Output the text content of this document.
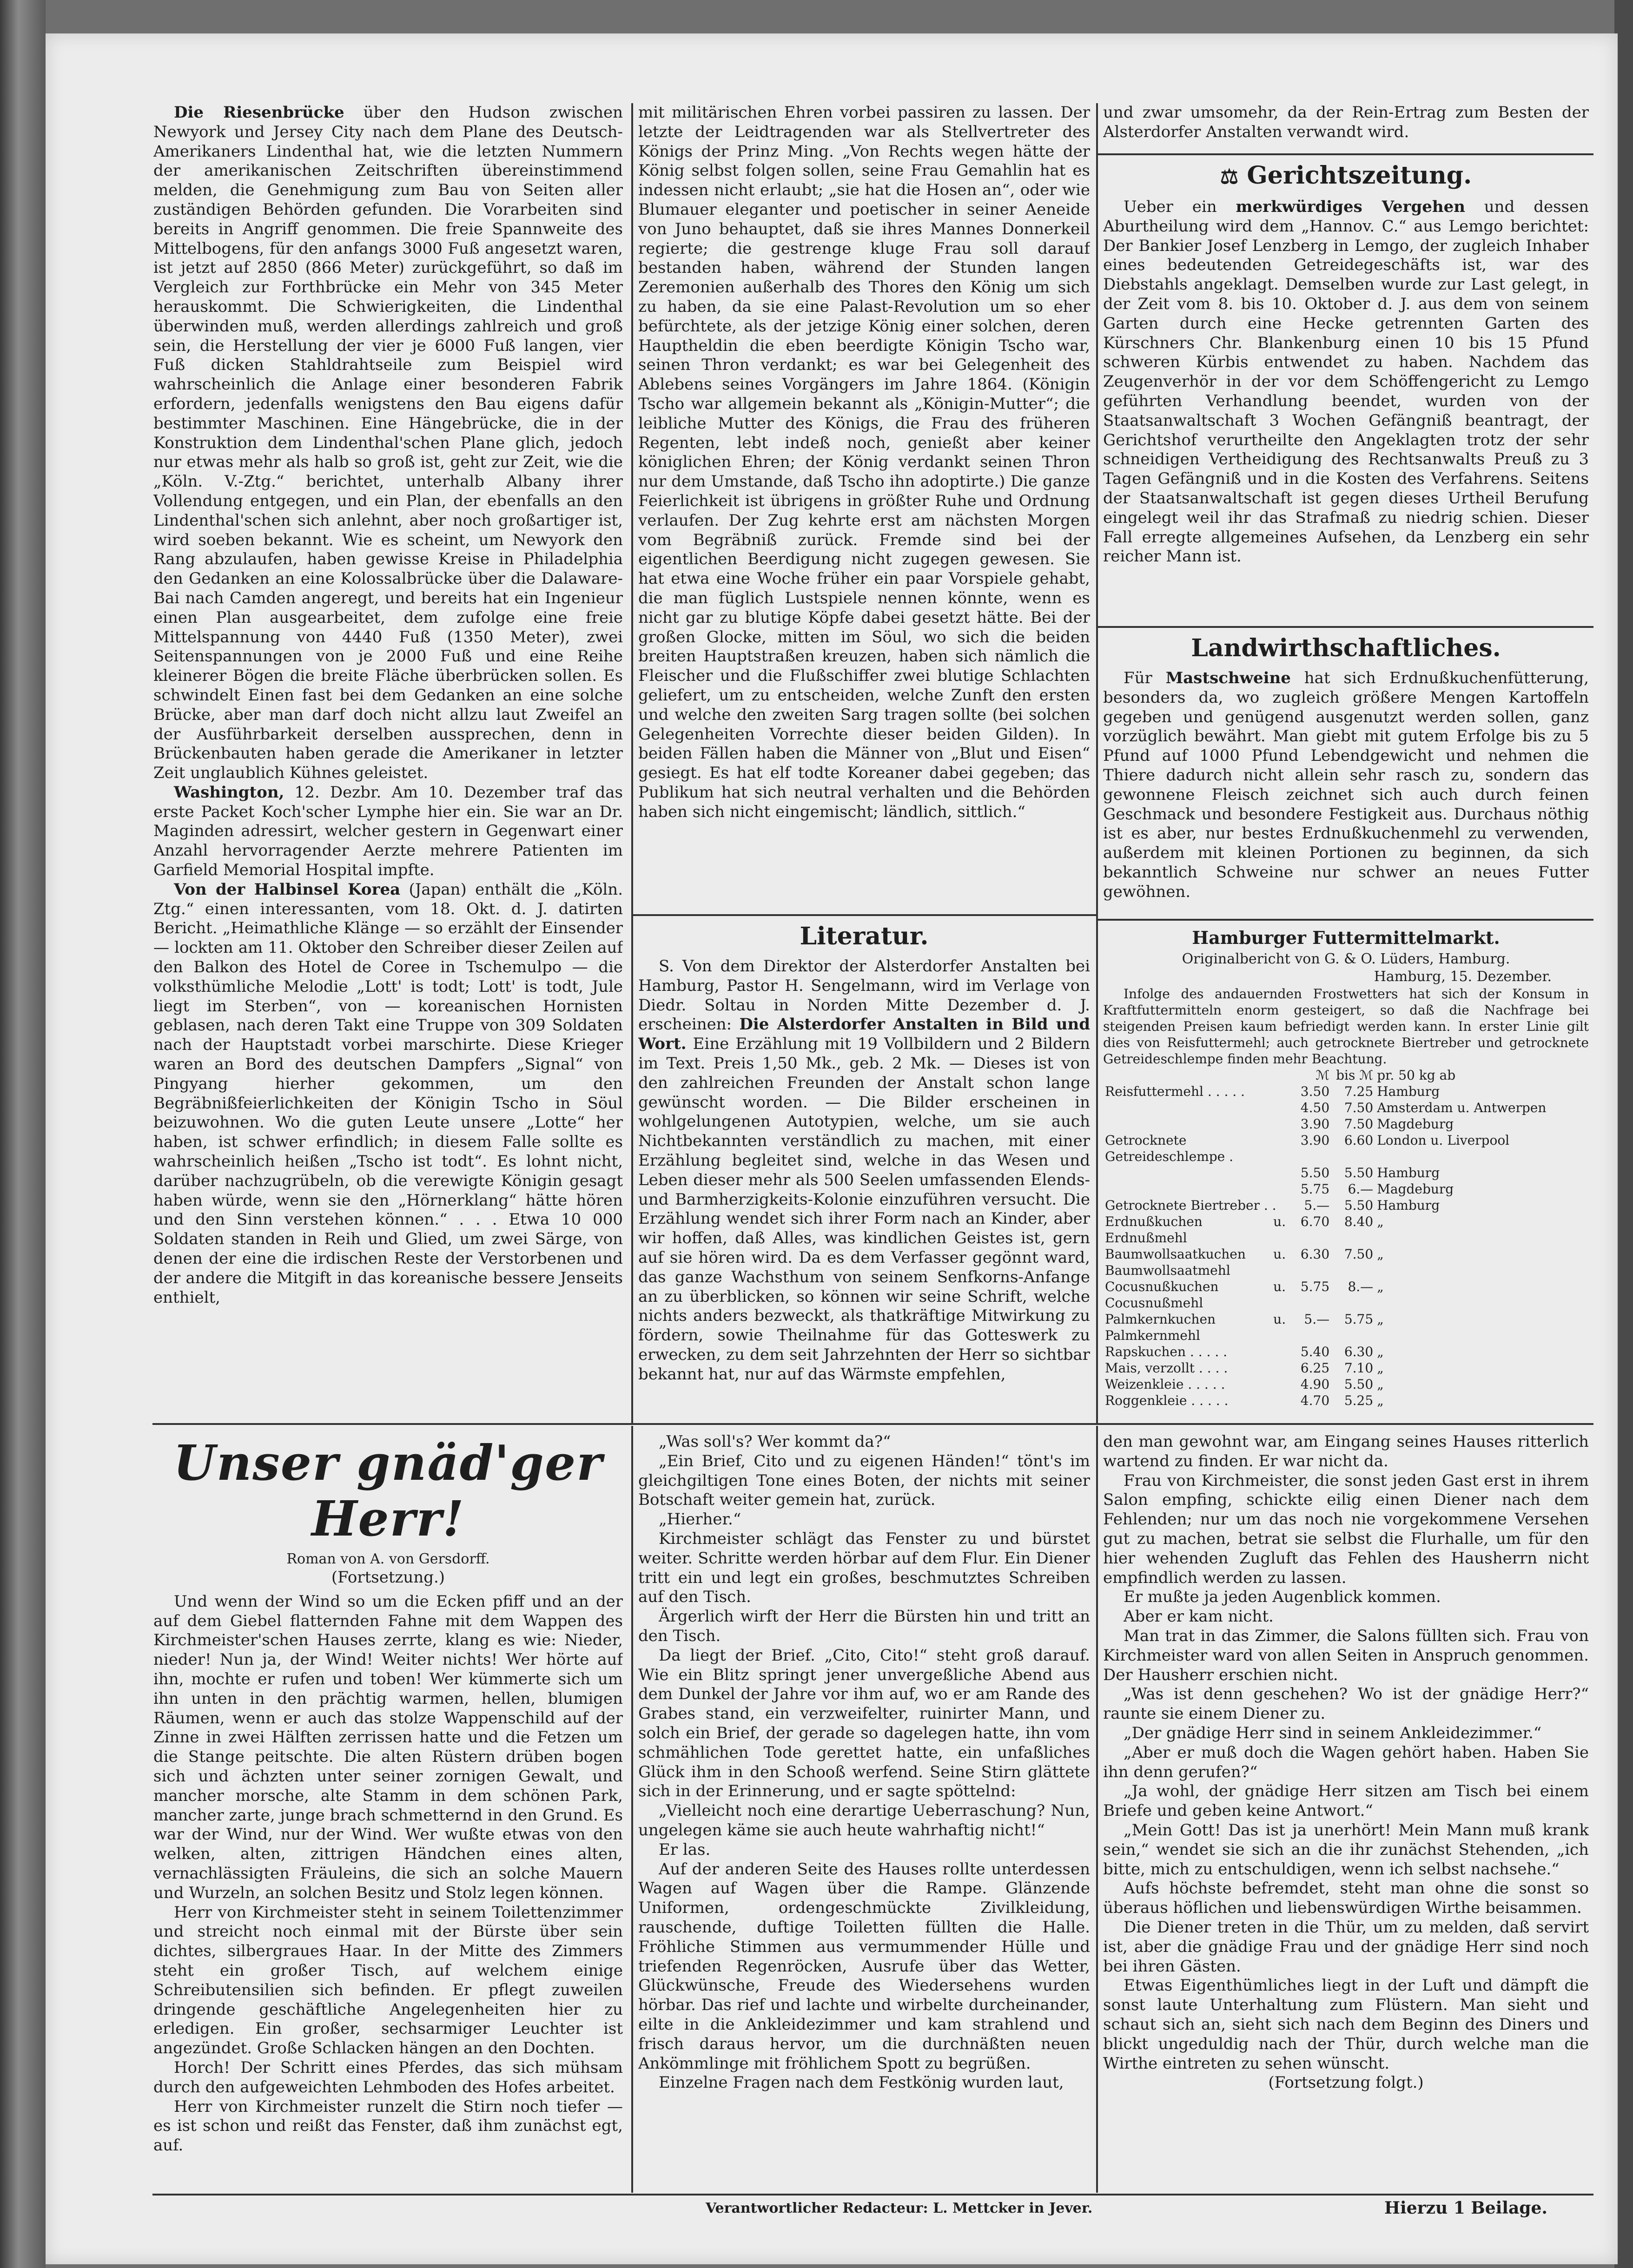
Die Riesenbrücke über den Hudson zwischen Newyork und Jersey City nach dem Plane des Deutsch-Amerikaners Lindenthal hat, wie die letzten Nummern der amerikanischen Zeitschriften übereinstimmend melden, die Genehmigung zum Bau von Seiten aller zuständigen Behörden gefunden. Die Vorarbeiten sind bereits in Angriff genommen. Die freie Spannweite des Mittelbogens, für den anfangs 3000 Fuß angesetzt waren, ist jetzt auf 2850 (866 Meter) zurückgeführt, so daß im Vergleich zur Forthbrücke ein Mehr von 345 Meter herauskommt. Die Schwierigkeiten, die Lindenthal überwinden muß, werden allerdings zahlreich und groß sein, die Herstellung der vier je 6000 Fuß langen, vier Fuß dicken Stahldrahtseile zum Beispiel wird wahrscheinlich die Anlage einer besonderen Fabrik erfordern, jedenfalls wenigstens den Bau eigens dafür bestimmter Maschinen. Eine Hängebrücke, die in der Konstruktion dem Lindenthal'schen Plane glich, jedoch nur etwas mehr als halb so groß ist, geht zur Zeit, wie die „Köln. V.-Ztg.“ berichtet, unterhalb Albany ihrer Vollendung entgegen, und ein Plan, der ebenfalls an den Lindenthal'schen sich anlehnt, aber noch großartiger ist, wird soeben bekannt. Wie es scheint, um Newyork den Rang abzulaufen, haben gewisse Kreise in Philadelphia den Gedanken an eine Kolossalbrücke über die Dalaware-Bai nach Camden angeregt, und bereits hat ein Ingenieur einen Plan ausgearbeitet, dem zufolge eine freie Mittelspannung von 4440 Fuß (1350 Meter), zwei Seitenspannungen von je 2000 Fuß und eine Reihe kleinerer Bögen die breite Fläche überbrücken sollen. Es schwindelt Einen fast bei dem Gedanken an eine solche Brücke, aber man darf doch nicht allzu laut Zweifel an der Ausführbarkeit derselben aussprechen, denn in Brückenbauten haben gerade die Amerikaner in letzter Zeit unglaublich Kühnes geleistet.

Washington, 12. Dezbr. Am 10. Dezember traf das erste Packet Koch'scher Lymphe hier ein. Sie war an Dr. Maginden adressirt, welcher gestern in Gegenwart einer Anzahl hervorragender Aerzte mehrere Patienten im Garfield Memorial Hospital impfte.

Von der Halbinsel Korea (Japan) enthält die „Köln. Ztg.“ einen interessanten, vom 18. Okt. d. J. datirten Bericht. „Heimathliche Klänge — so erzählt der Einsender — lockten am 11. Oktober den Schreiber dieser Zeilen auf den Balkon des Hotel de Coree in Tschemulpo — die volksthümliche Melodie „Lott' is todt; Lott' is todt, Jule liegt im Sterben“, von — koreanischen Hornisten geblasen, nach deren Takt eine Truppe von 309 Soldaten nach der Hauptstadt vorbei marschirte. Diese Krieger waren an Bord des deutschen Dampfers „Signal“ von Pingyang hierher gekommen, um den Begräbnißfeierlichkeiten der Königin Tscho in Söul beizuwohnen. Wo die guten Leute unsere „Lotte“ her haben, ist schwer erfindlich; in diesem Falle sollte es wahrscheinlich heißen „Tscho ist todt“. Es lohnt nicht, darüber nachzugrübeln, ob die verewigte Königin gesagt haben würde, wenn sie den „Hörnerklang“ hätte hören und den Sinn verstehen können.“ . . . Etwa 10 000 Soldaten standen in Reih und Glied, um zwei Särge, von denen der eine die irdischen Reste der Verstorbenen und der andere die Mitgift in das koreanische bessere Jenseits enthielt,

mit militärischen Ehren vorbei passiren zu lassen. Der letzte der Leidtragenden war als Stellvertreter des Königs der Prinz Ming. „Von Rechts wegen hätte der König selbst folgen sollen, seine Frau Gemahlin hat es indessen nicht erlaubt; „sie hat die Hosen an“, oder wie Blumauer eleganter und poetischer in seiner Aeneide von Juno behauptet, daß sie ihres Mannes Donnerkeil regierte; die gestrenge kluge Frau soll darauf bestanden haben, während der Stunden langen Zeremonien außerhalb des Thores den König um sich zu haben, da sie eine Palast-Revolution um so eher befürchtete, als der jetzige König einer solchen, deren Hauptheldin die eben beerdigte Königin Tscho war, seinen Thron verdankt; es war bei Gelegenheit des Ablebens seines Vorgängers im Jahre 1864. (Königin Tscho war allgemein bekannt als „Königin-Mutter“; die leibliche Mutter des Königs, die Frau des früheren Regenten, lebt indeß noch, genießt aber keiner königlichen Ehren; der König verdankt seinen Thron nur dem Umstande, daß Tscho ihn adoptirte.) Die ganze Feierlichkeit ist übrigens in größter Ruhe und Ordnung verlaufen. Der Zug kehrte erst am nächsten Morgen vom Begräbniß zurück. Fremde sind bei der eigentlichen Beerdigung nicht zugegen gewesen. Sie hat etwa eine Woche früher ein paar Vorspiele gehabt, die man füglich Lustspiele nennen könnte, wenn es nicht gar zu blutige Köpfe dabei gesetzt hätte. Bei der großen Glocke, mitten im Söul, wo sich die beiden breiten Hauptstraßen kreuzen, haben sich nämlich die Fleischer und die Flußschiffer zwei blutige Schlachten geliefert, um zu entscheiden, welche Zunft den ersten und welche den zweiten Sarg tragen sollte (bei solchen Gelegenheiten Vorrechte dieser beiden Gilden). In beiden Fällen haben die Männer von „Blut und Eisen“ gesiegt. Es hat elf todte Koreaner dabei gegeben; das Publikum hat sich neutral verhalten und die Behörden haben sich nicht eingemischt; ländlich, sittlich.“

Literatur.

S. Von dem Direktor der Alsterdorfer Anstalten bei Hamburg, Pastor H. Sengelmann, wird im Verlage von Diedr. Soltau in Norden Mitte Dezember d. J. erscheinen: Die Alsterdorfer Anstalten in Bild und Wort. Eine Erzählung mit 19 Vollbildern und 2 Bildern im Text. Preis 1,50 Mk., geb. 2 Mk. — Dieses ist von den zahlreichen Freunden der Anstalt schon lange gewünscht worden. — Die Bilder erscheinen in wohlgelungenen Autotypien, welche, um sie auch Nichtbekannten verständlich zu machen, mit einer Erzählung begleitet sind, welche in das Wesen und Leben dieser mehr als 500 Seelen umfassenden Elends- und Barmherzigkeits-Kolonie einzuführen versucht. Die Erzählung wendet sich ihrer Form nach an Kinder, aber wir hoffen, daß Alles, was kindlichen Geistes ist, gern auf sie hören wird. Da es dem Verfasser gegönnt ward, das ganze Wachsthum von seinem Senfkorns-Anfange an zu überblicken, so können wir seine Schrift, welche nichts anders bezweckt, als thatkräftige Mitwirkung zu fördern, sowie Theilnahme für das Gotteswerk zu erwecken, zu dem seit Jahrzehnten der Herr so sichtbar bekannt hat, nur auf das Wärmste empfehlen,

und zwar umsomehr, da der Rein-Ertrag zum Besten der Alsterdorfer Anstalten verwandt wird.

⚖ Gerichtszeitung.

Ueber ein merkwürdiges Vergehen und dessen Aburtheilung wird dem „Hannov. C.“ aus Lemgo berichtet: Der Bankier Josef Lenzberg in Lemgo, der zugleich Inhaber eines bedeutenden Getreidegeschäfts ist, war des Diebstahls angeklagt. Demselben wurde zur Last gelegt, in der Zeit vom 8. bis 10. Oktober d. J. aus dem von seinem Garten durch eine Hecke getrennten Garten des Kürschners Chr. Blankenburg einen 10 bis 15 Pfund schweren Kürbis entwendet zu haben. Nachdem das Zeugenverhör in der vor dem Schöffengericht zu Lemgo geführten Verhandlung beendet, wurden von der Staatsanwaltschaft 3 Wochen Gefängniß beantragt, der Gerichtshof verurtheilte den Angeklagten trotz der sehr schneidigen Vertheidigung des Rechtsanwalts Preuß zu 3 Tagen Gefängniß und in die Kosten des Verfahrens. Seitens der Staatsanwaltschaft ist gegen dieses Urtheil Berufung eingelegt weil ihr das Strafmaß zu niedrig schien. Dieser Fall erregte allgemeines Aufsehen, da Lenzberg ein sehr reicher Mann ist.

Landwirthschaftliches.

Für Mastschweine hat sich Erdnußkuchenfütterung, besonders da, wo zugleich größere Mengen Kartoffeln gegeben und genügend ausgenutzt werden sollen, ganz vorzüglich bewährt. Man giebt mit gutem Erfolge bis zu 5 Pfund auf 1000 Pfund Lebendgewicht und nehmen die Thiere dadurch nicht allein sehr rasch zu, sondern das gewonnene Fleisch zeichnet sich auch durch feinen Geschmack und besondere Festigkeit aus. Durchaus nöthig ist es aber, nur bestes Erdnußkuchenmehl zu verwenden, außerdem mit kleinen Portionen zu beginnen, da sich bekanntlich Schweine nur schwer an neues Futter gewöhnen.

Hamburger Futtermittelmarkt.

Originalbericht von G. & O. Lüders, Hamburg.

Hamburg, 15. Dezember.

Infolge des andauernden Frostwetters hat sich der Konsum in Kraftfuttermitteln enorm gesteigert, so daß die Nachfrage bei steigenden Preisen kaum befriedigt werden kann. In erster Linie gilt dies von Reisfuttermehl; auch getrocknete Biertreber und getrocknete Getreideschlempe finden mehr Beachtung.

	ℳ	bis ℳ	pr. 50 kg ab
Reisfuttermehl . . . . .	3.50	7.25	Hamburg
	4.50	7.50	Amsterdam u. Antwerpen
	3.90	7.50	Magdeburg
Getrocknete Getreideschlempe .	3.90	6.60	London u. Liverpool
	5.50	5.50	Hamburg
	5.75	6.—	Magdeburg
Getrocknete Biertreber . .	5.—	5.50	Hamburg
Erdnußkuchen u. Erdnußmehl	6.70	8.40	„
Baumwollsaatkuchen u. Baumwollsaatmehl	6.30	7.50	„
Cocusnußkuchen u. Cocusnußmehl	5.75	8.—	„
Palmkernkuchen u. Palmkernmehl	5.—	5.75	„
Rapskuchen . . . . .	5.40	6.30	„
Mais, verzollt . . . .	6.25	7.10	„
Weizenkleie . . . . .	4.90	5.50	„
Roggenkleie . . . . .	4.70	5.25	„
Unser gnäd'ger Herr!

Roman von A. von Gersdorff.

(Fortsetzung.)

Und wenn der Wind so um die Ecken pfiff und an der auf dem Giebel flatternden Fahne mit dem Wappen des Kirchmeister'schen Hauses zerrte, klang es wie: Nieder, nieder! Nun ja, der Wind! Weiter nichts! Wer hörte auf ihn, mochte er rufen und toben! Wer kümmerte sich um ihn unten in den prächtig warmen, hellen, blumigen Räumen, wenn er auch das stolze Wappenschild auf der Zinne in zwei Hälften zerrissen hatte und die Fetzen um die Stange peitschte. Die alten Rüstern drüben bogen sich und ächzten unter seiner zornigen Gewalt, und mancher morsche, alte Stamm in dem schönen Park, mancher zarte, junge brach schmetternd in den Grund. Es war der Wind, nur der Wind. Wer wußte etwas von den welken, alten, zittrigen Händchen eines alten, vernachlässigten Fräuleins, die sich an solche Mauern und Wurzeln, an solchen Besitz und Stolz legen können.

Herr von Kirchmeister steht in seinem Toilettenzimmer und streicht noch einmal mit der Bürste über sein dichtes, silbergraues Haar. In der Mitte des Zimmers steht ein großer Tisch, auf welchem einige Schreibutensilien sich befinden. Er pflegt zuweilen dringende geschäftliche Angelegenheiten hier zu erledigen. Ein großer, sechsarmiger Leuchter ist angezündet. Große Schlacken hängen an den Dochten.

Horch! Der Schritt eines Pferdes, das sich mühsam durch den aufgeweichten Lehmboden des Hofes arbeitet.

Herr von Kirchmeister runzelt die Stirn noch tiefer — es ist schon und reißt das Fenster, daß ihm zunächst egt, auf.

„Was soll's? Wer kommt da?“

„Ein Brief, Cito und zu eigenen Händen!“ tönt's im gleichgiltigen Tone eines Boten, der nichts mit seiner Botschaft weiter gemein hat, zurück.

„Hierher.“

Kirchmeister schlägt das Fenster zu und bürstet weiter. Schritte werden hörbar auf dem Flur. Ein Diener tritt ein und legt ein großes, beschmutztes Schreiben auf den Tisch.

Ärgerlich wirft der Herr die Bürsten hin und tritt an den Tisch.

Da liegt der Brief. „Cito, Cito!“ steht groß darauf. Wie ein Blitz springt jener unvergeßliche Abend aus dem Dunkel der Jahre vor ihm auf, wo er am Rande des Grabes stand, ein verzweifelter, ruinirter Mann, und solch ein Brief, der gerade so dagelegen hatte, ihn vom schmählichen Tode gerettet hatte, ein unfaßliches Glück ihm in den Schooß werfend. Seine Stirn glättete sich in der Erinnerung, und er sagte spöttelnd:

„Vielleicht noch eine derartige Ueberraschung? Nun, ungelegen käme sie auch heute wahrhaftig nicht!“

Er las.

Auf der anderen Seite des Hauses rollte unterdessen Wagen auf Wagen über die Rampe. Glänzende Uniformen, ordengeschmückte Zivilkleidung, rauschende, duftige Toiletten füllten die Halle. Fröhliche Stimmen aus vermummender Hülle und triefenden Regenröcken, Ausrufe über das Wetter, Glückwünsche, Freude des Wiedersehens wurden hörbar. Das rief und lachte und wirbelte durcheinander, eilte in die Ankleidezimmer und kam strahlend und frisch daraus hervor, um die durchnäßten neuen Ankömmlinge mit fröhlichem Spott zu begrüßen.

Einzelne Fragen nach dem Festkönig wurden laut,

den man gewohnt war, am Eingang seines Hauses ritterlich wartend zu finden. Er war nicht da.

Frau von Kirchmeister, die sonst jeden Gast erst in ihrem Salon empfing, schickte eilig einen Diener nach dem Fehlenden; nur um das noch nie vorgekommene Versehen gut zu machen, betrat sie selbst die Flurhalle, um für den hier wehenden Zugluft das Fehlen des Hausherrn nicht empfindlich werden zu lassen.

Er mußte ja jeden Augenblick kommen.

Aber er kam nicht.

Man trat in das Zimmer, die Salons füllten sich. Frau von Kirchmeister ward von allen Seiten in Anspruch genommen. Der Hausherr erschien nicht.

„Was ist denn geschehen? Wo ist der gnädige Herr?“ raunte sie einem Diener zu.

„Der gnädige Herr sind in seinem Ankleidezimmer.“

„Aber er muß doch die Wagen gehört haben. Haben Sie ihn denn gerufen?“

„Ja wohl, der gnädige Herr sitzen am Tisch bei einem Briefe und geben keine Antwort.“

„Mein Gott! Das ist ja unerhört! Mein Mann muß krank sein,“ wendet sie sich an die ihr zunächst Stehenden, „ich bitte, mich zu entschuldigen, wenn ich selbst nachsehe.“

Aufs höchste befremdet, steht man ohne die sonst so überaus höflichen und liebenswürdigen Wirthe beisammen.

Die Diener treten in die Thür, um zu melden, daß servirt ist, aber die gnädige Frau und der gnädige Herr sind noch bei ihren Gästen.

Etwas Eigenthümliches liegt in der Luft und dämpft die sonst laute Unterhaltung zum Flüstern. Man sieht und schaut sich an, sieht sich nach dem Beginn des Diners und blickt ungeduldig nach der Thür, durch welche man die Wirthe eintreten zu sehen wünscht.

(Fortsetzung folgt.)

Verantwortlicher Redacteur: L. Mettcker in Jever.	Hierzu 1 Beilage.
